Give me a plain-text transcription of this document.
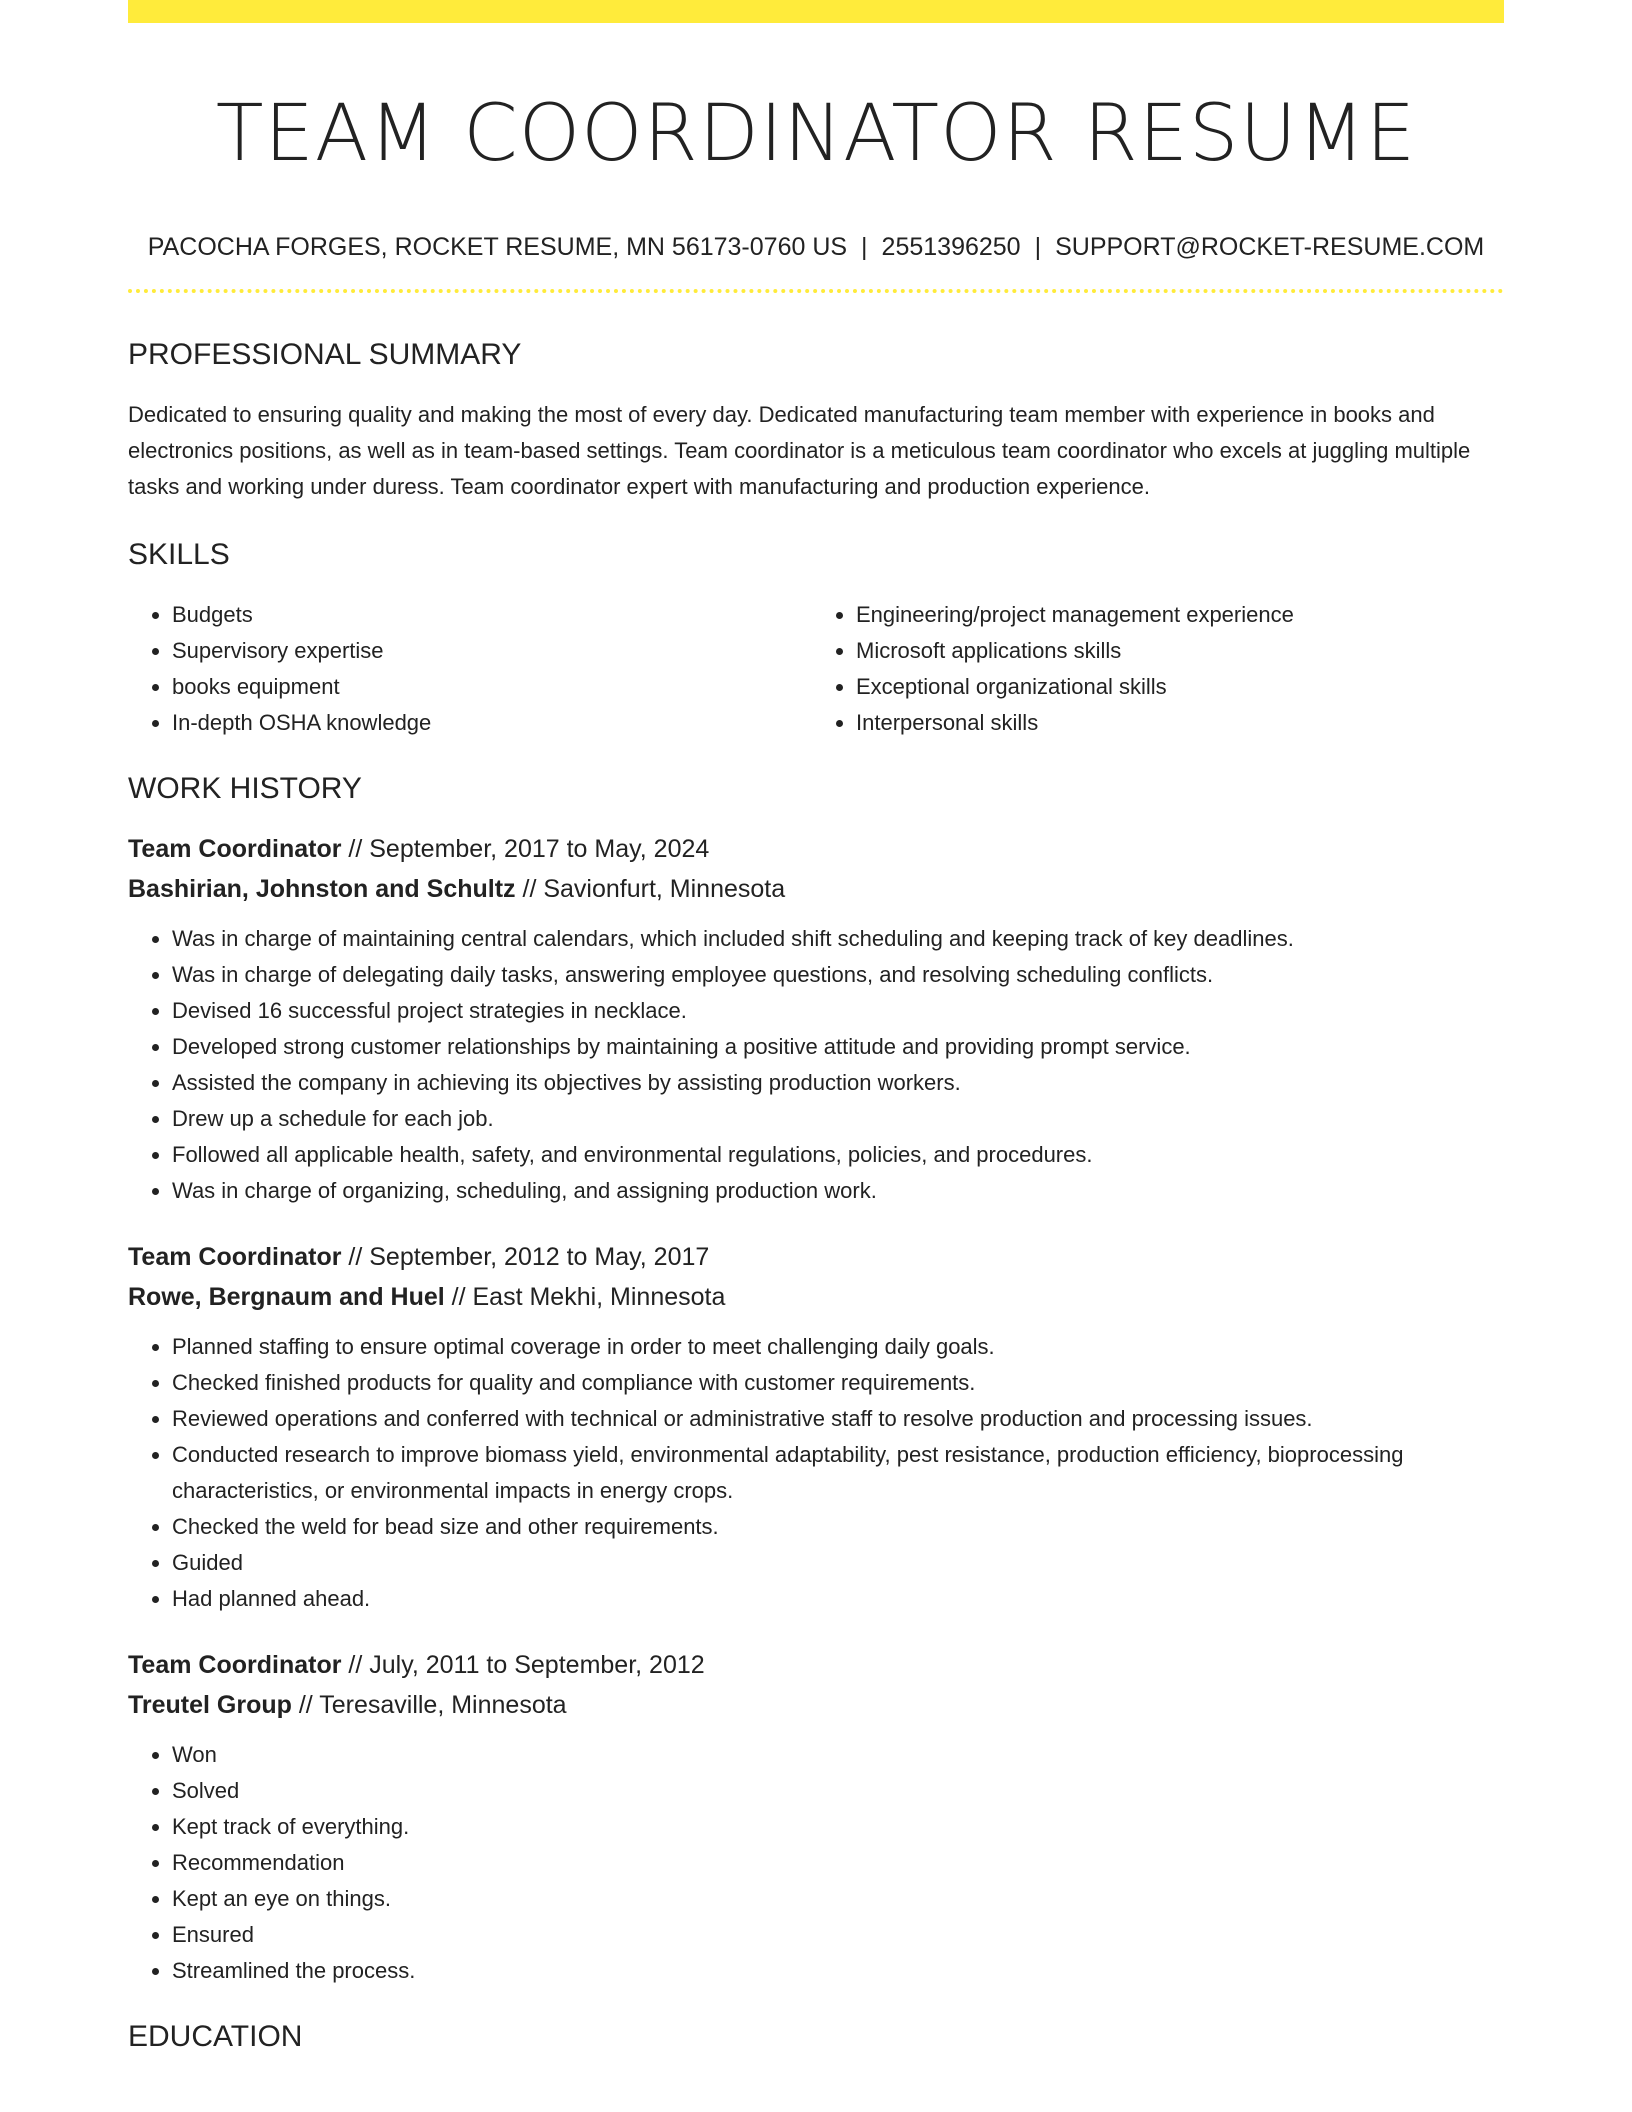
TEAM COORDINATOR RESUME
PACOCHA FORGES, ROCKET RESUME, MN 56173-0760 US | 2551396250 | SUPPORT@ROCKET-RESUME.COM
PROFESSIONAL SUMMARY
Dedicated to ensuring quality and making the most of every day. Dedicated manufacturing team member with experience in books and electronics positions, as well as in team-based settings. Team coordinator is a meticulous team coordinator who excels at juggling multiple tasks and working under duress. Team coordinator expert with manufacturing and production experience.
SKILLS
• Budgets
• Supervisory expertise
• books equipment
• In-depth OSHA knowledge
• Engineering/project management experience
• Microsoft applications skills
• Exceptional organizational skills
• Interpersonal skills
WORK HISTORY
Team Coordinator // September, 2017 to May, 2024
Bashirian, Johnston and Schultz // Savionfurt, Minnesota
• Was in charge of maintaining central calendars, which included shift scheduling and keeping track of key deadlines.
• Was in charge of delegating daily tasks, answering employee questions, and resolving scheduling conflicts.
• Devised 16 successful project strategies in necklace.
• Developed strong customer relationships by maintaining a positive attitude and providing prompt service.
• Assisted the company in achieving its objectives by assisting production workers.
• Drew up a schedule for each job.
• Followed all applicable health, safety, and environmental regulations, policies, and procedures.
• Was in charge of organizing, scheduling, and assigning production work.
Team Coordinator // September, 2012 to May, 2017
Rowe, Bergnaum and Huel // East Mekhi, Minnesota
• Planned staffing to ensure optimal coverage in order to meet challenging daily goals.
• Checked finished products for quality and compliance with customer requirements.
• Reviewed operations and conferred with technical or administrative staff to resolve production and processing issues.
• Conducted research to improve biomass yield, environmental adaptability, pest resistance, production efficiency, bioprocessing characteristics, or environmental impacts in energy crops.
• Checked the weld for bead size and other requirements.
• Guided
• Had planned ahead.
Team Coordinator // July, 2011 to September, 2012
Treutel Group // Teresaville, Minnesota
• Won
• Solved
• Kept track of everything.
• Recommendation
• Kept an eye on things.
• Ensured
• Streamlined the process.
EDUCATION
